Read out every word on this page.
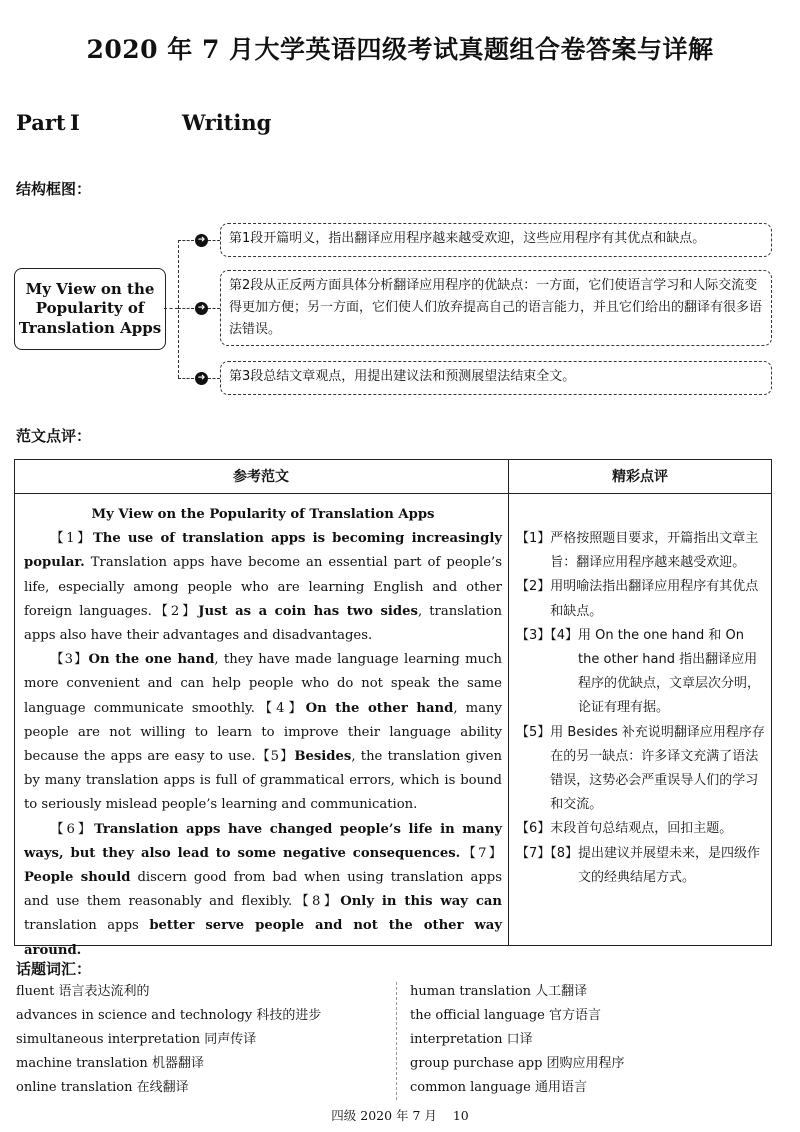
2020 年 7 月大学英语四级考试真题组合卷答案与详解
Part Ⅰ	Writing
结构框图：
My View on the
Popularity of
Translation Apps
➜
➜
➜
第1段开篇明义，指出翻译应用程序越来越受欢迎，这些应用程序有其优点和缺点。
第2段从正反两方面具体分析翻译应用程序的优缺点：一方面，它们使语言学习和人际交流变得更加方便；另一方面，它们使人们放弃提高自己的语言能力，并且它们给出的翻译有很多语法错误。
第3段总结文章观点，用提出建议法和预测展望法结束全文。
范文点评：
参考范文	精彩点评
My View on the Popularity of Translation Apps

【1】The use of translation apps is becoming increasingly popular. Translation apps have become an essential part of people’s life, especially among people who are learning English and other foreign languages.【2】Just as a coin has two sides, translation apps also have their advantages and disadvantages.

【3】On the one hand, they have made language learning much more convenient and can help people who do not speak the same language communicate smoothly.【4】On the other hand, many people are not willing to learn to improve their language ability because the apps are easy to use.【5】Besides, the translation given by many translation apps is full of grammatical errors, which is bound to seriously mislead people’s learning and communication.

【6】Translation apps have changed people’s life in many ways, but they also lead to some negative consequences.【7】People should discern good from bad when using translation apps and use them reasonably and flexibly.【8】Only in this way can translation apps better serve people and not the other way around.

【1】 严格按照题目要求，开篇指出文章主旨：翻译应用程序越来越受欢迎。
【2】 用明喻法指出翻译应用程序有其优点和缺点。
【3】【4】 用 On the one hand 和 On the other hand 指出翻译应用程序的优缺点，文章层次分明，论证有理有据。
【5】 用 Besides 补充说明翻译应用程序存在的另一缺点：许多译文充满了语法错误，这势必会严重误导人们的学习和交流。
【6】 末段首句总结观点，回扣主题。
【7】【8】 提出建议并展望未来，是四级作文的经典结尾方式。
话题词汇：
fluent 语言表达流利的
advances in science and technology 科技的进步
simultaneous interpretation 同声传译
machine translation 机器翻译
online translation 在线翻译
human translation 人工翻译
the official language 官方语言
interpretation 口译
group purchase app 团购应用程序
common language 通用语言
四级 2020 年 7 月    10
